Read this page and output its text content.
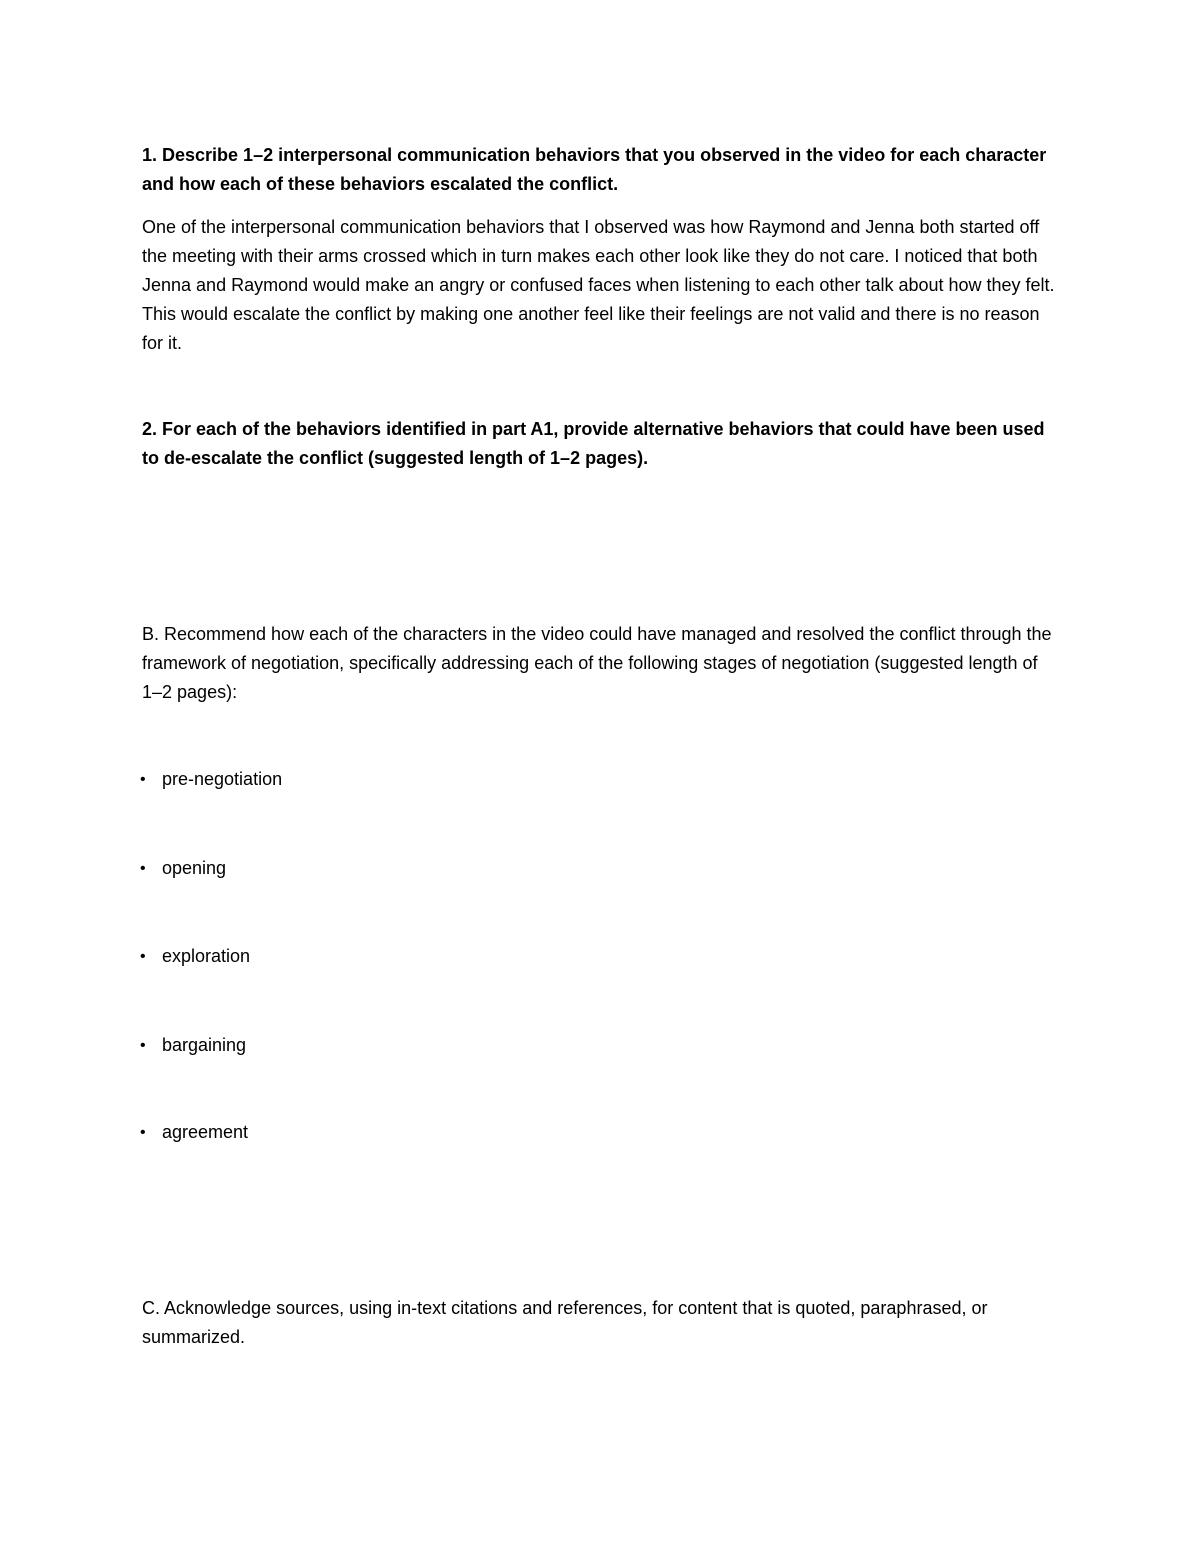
1. Describe 1–2 interpersonal communication behaviors that you observed in the video for each character and how each of these behaviors escalated the conflict.

One of the interpersonal communication behaviors that I observed was how Raymond and Jenna both started off the meeting with their arms crossed which in turn makes each other look like they do not care. I noticed that both Jenna and Raymond would make an angry or confused faces when listening to each other talk about how they felt. This would escalate the conflict by making one another feel like their feelings are not valid and there is no reason for it.

2. For each of the behaviors identified in part A1, provide alternative behaviors that could have been used to de-escalate the conflict (suggested length of 1–2 pages).

B. Recommend how each of the characters in the video could have managed and resolved the conflict through the framework of negotiation, specifically addressing each of the following stages of negotiation (suggested length of 1–2 pages):

• pre-negotiation
• opening
• exploration
• bargaining
• agreement

C. Acknowledge sources, using in-text citations and references, for content that is quoted, paraphrased, or summarized.
